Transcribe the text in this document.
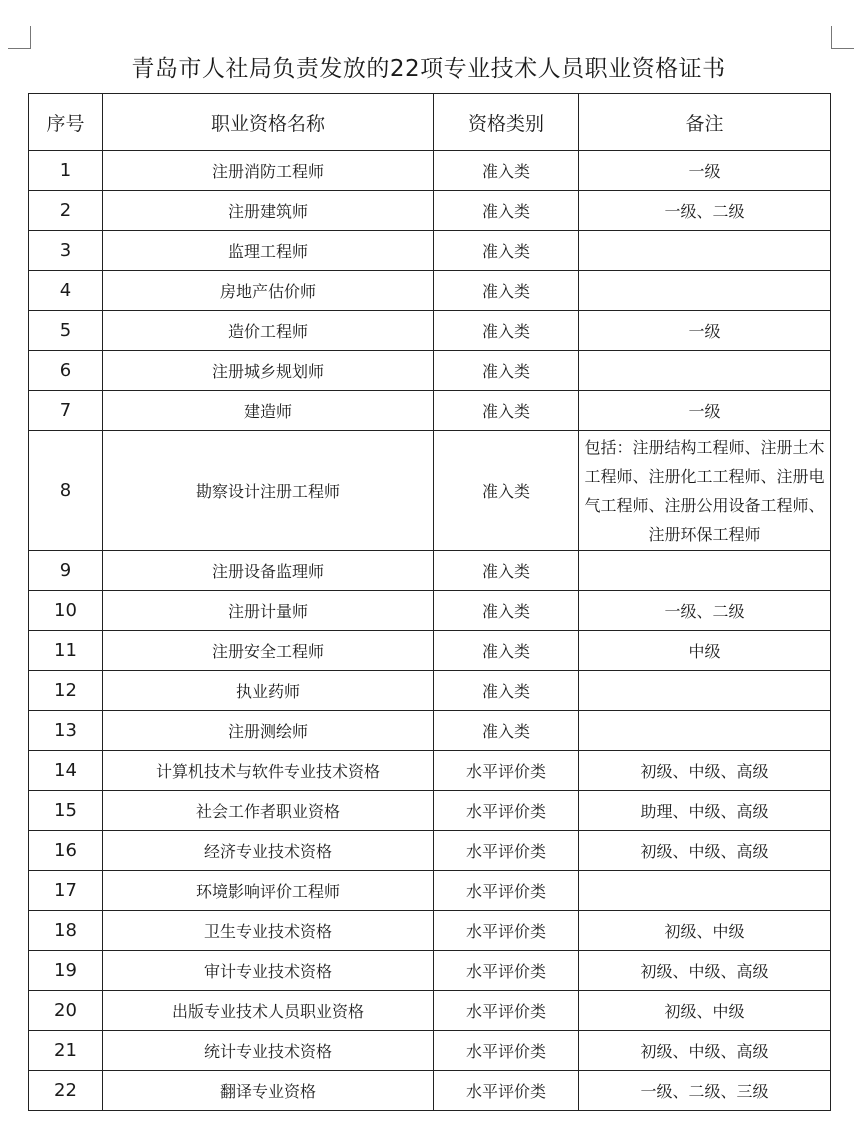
青岛市人社局负责发放的22项专业技术人员职业资格证书
序号	职业资格名称	资格类别	备注
1	注册消防工程师	准入类	一级
2	注册建筑师	准入类	一级、二级
3	监理工程师	准入类	
4	房地产估价师	准入类	
5	造价工程师	准入类	一级
6	注册城乡规划师	准入类	
7	建造师	准入类	一级
8	勘察设计注册工程师	准入类	包括：注册结构工程师、注册土木工程师、注册化工工程师、注册电气工程师、注册公用设备工程师、注册环保工程师
9	注册设备监理师	准入类	
10	注册计量师	准入类	一级、二级
11	注册安全工程师	准入类	中级
12	执业药师	准入类	
13	注册测绘师	准入类	
14	计算机技术与软件专业技术资格	水平评价类	初级、中级、高级
15	社会工作者职业资格	水平评价类	助理、中级、高级
16	经济专业技术资格	水平评价类	初级、中级、高级
17	环境影响评价工程师	水平评价类	
18	卫生专业技术资格	水平评价类	初级、中级
19	审计专业技术资格	水平评价类	初级、中级、高级
20	出版专业技术人员职业资格	水平评价类	初级、中级
21	统计专业技术资格	水平评价类	初级、中级、高级
22	翻译专业资格	水平评价类	一级、二级、三级
